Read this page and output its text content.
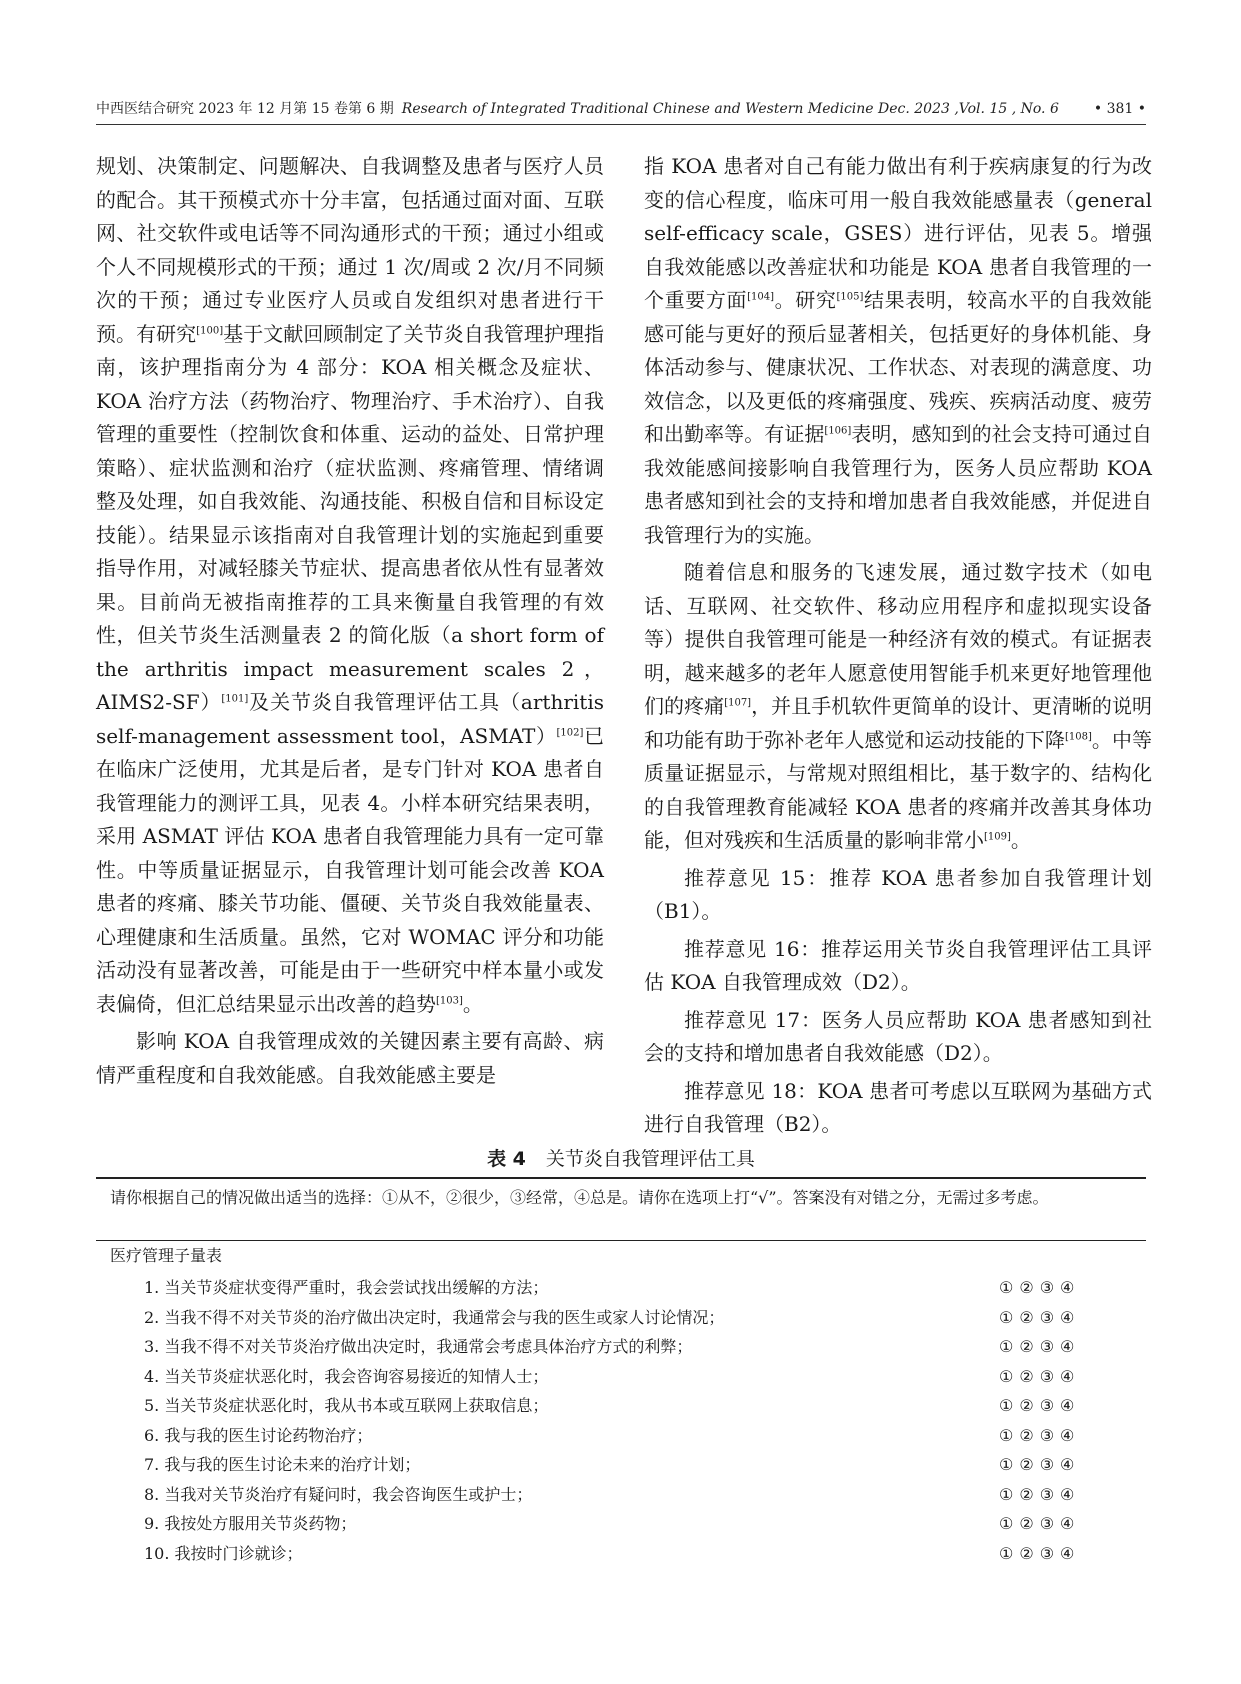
中西医结合研究 2023 年 12 月第 15 卷第 6 期 Research of Integrated Traditional Chinese and Western Medicine Dec. 2023 ,Vol. 15 , No. 6	• 381 •

规划、决策制定、问题解决、自我调整及患者与医疗人员的配合。其干预模式亦十分丰富，包括通过面对面、互联网、社交软件或电话等不同沟通形式的干预；通过小组或个人不同规模形式的干预；通过 1 次/周或 2 次/月不同频次的干预；通过专业医疗人员或自发组织对患者进行干预。有研究[100]基于文献回顾制定了关节炎自我管理护理指南，该护理指南分为 4 部分：KOA 相关概念及症状、KOA 治疗方法（药物治疗、物理治疗、手术治疗）、自我管理的重要性（控制饮食和体重、运动的益处、日常护理策略）、症状监测和治疗（症状监测、疼痛管理、情绪调整及处理，如自我效能、沟通技能、积极自信和目标设定技能）。结果显示该指南对自我管理计划的实施起到重要指导作用，对减轻膝关节症状、提高患者依从性有显著效果。目前尚无被指南推荐的工具来衡量自我管理的有效性，但关节炎生活测量表 2 的简化版（a short form of the arthritis impact measurement scales 2，AIMS2-SF）[101]及关节炎自我管理评估工具（arthritis self-management assessment tool，ASMAT）[102]已在临床广泛使用，尤其是后者，是专门针对 KOA 患者自我管理能力的测评工具，见表 4。小样本研究结果表明，采用 ASMAT 评估 KOA 患者自我管理能力具有一定可靠性。中等质量证据显示，自我管理计划可能会改善 KOA 患者的疼痛、膝关节功能、僵硬、关节炎自我效能量表、心理健康和生活质量。虽然，它对 WOMAC 评分和功能活动没有显著改善，可能是由于一些研究中样本量小或发表偏倚，但汇总结果显示出改善的趋势[103]。

影响 KOA 自我管理成效的关键因素主要有高龄、病情严重程度和自我效能感。自我效能感主要是

指 KOA 患者对自己有能力做出有利于疾病康复的行为改变的信心程度，临床可用一般自我效能感量表（general self-efficacy scale，GSES）进行评估，见表 5。增强自我效能感以改善症状和功能是 KOA 患者自我管理的一个重要方面[104]。研究[105]结果表明，较高水平的自我效能感可能与更好的预后显著相关，包括更好的身体机能、身体活动参与、健康状况、工作状态、对表现的满意度、功效信念，以及更低的疼痛强度、残疾、疾病活动度、疲劳和出勤率等。有证据[106]表明，感知到的社会支持可通过自我效能感间接影响自我管理行为，医务人员应帮助 KOA 患者感知到社会的支持和增加患者自我效能感，并促进自我管理行为的实施。

随着信息和服务的飞速发展，通过数字技术（如电话、互联网、社交软件、移动应用程序和虚拟现实设备等）提供自我管理可能是一种经济有效的模式。有证据表明，越来越多的老年人愿意使用智能手机来更好地管理他们的疼痛[107]，并且手机软件更简单的设计、更清晰的说明和功能有助于弥补老年人感觉和运动技能的下降[108]。中等质量证据显示，与常规对照组相比，基于数字的、结构化的自我管理教育能减轻 KOA 患者的疼痛并改善其身体功能，但对残疾和生活质量的影响非常小[109]。

推荐意见 15：推荐 KOA 患者参加自我管理计划（B1）。

推荐意见 16：推荐运用关节炎自我管理评估工具评估 KOA 自我管理成效（D2）。

推荐意见 17：医务人员应帮助 KOA 患者感知到社会的支持和增加患者自我效能感（D2）。

推荐意见 18：KOA 患者可考虑以互联网为基础方式进行自我管理（B2）。

表 4 关节炎自我管理评估工具
请你根据自己的情况做出适当的选择：①从不，②很少，③经常，④总是。请你在选项上打“√”。答案没有对错之分，无需过多考虑。
医疗管理子量表
1. 当关节炎症状变得严重时，我会尝试找出缓解的方法；	①②③④
2. 当我不得不对关节炎的治疗做出决定时，我通常会与我的医生或家人讨论情况；	①②③④
3. 当我不得不对关节炎治疗做出决定时，我通常会考虑具体治疗方式的利弊；	①②③④
4. 当关节炎症状恶化时，我会咨询容易接近的知情人士；	①②③④
5. 当关节炎症状恶化时，我从书本或互联网上获取信息；	①②③④
6. 我与我的医生讨论药物治疗；	①②③④
7. 我与我的医生讨论未来的治疗计划；	①②③④
8. 当我对关节炎治疗有疑问时，我会咨询医生或护士；	①②③④
9. 我按处方服用关节炎药物；	①②③④
10. 我按时门诊就诊；	①②③④
